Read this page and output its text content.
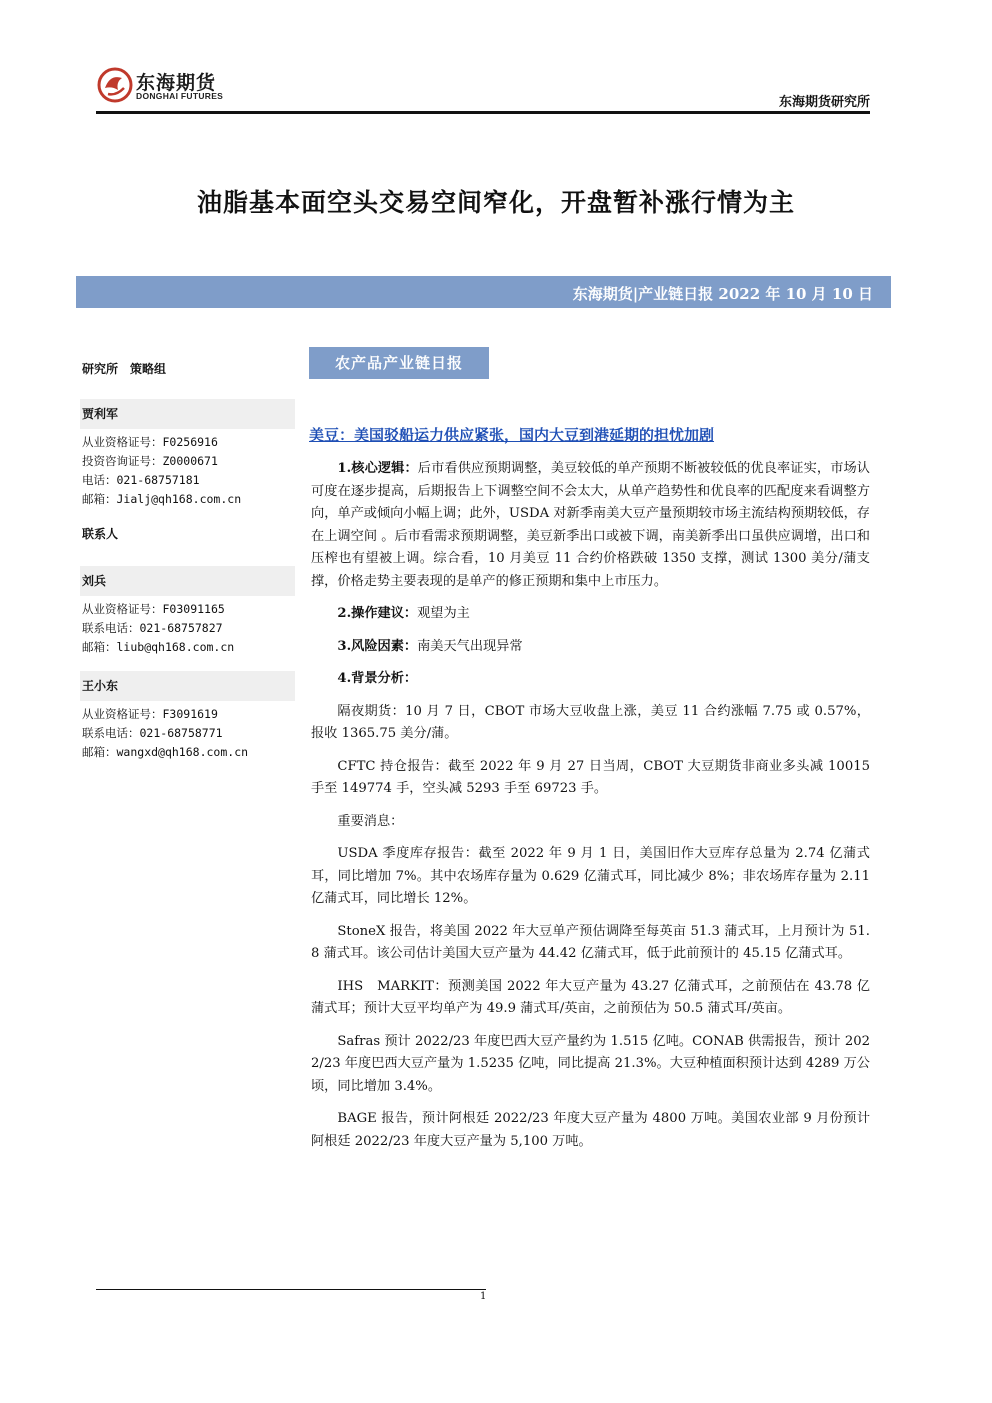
东海期货
DONGHAI FUTURES	东海期货研究所
油脂基本面空头交易空间窄化，开盘暂补涨行情为主
东海期货|产业链日报 2022 年 10 月 10 日
研究所　策略组
贾利军
从业资格证号：F0256916
投资咨询证号：Z0000671
电话：021-68757181
邮箱：Jialj@qh168.com.cn
联系人
刘兵
从业资格证号：F03091165
联系电话：021-68757827
邮箱：liub@qh168.com.cn
王小东
从业资格证号：F3091619
联系电话：021-68758771
邮箱：wangxd@qh168.com.cn
农产品产业链日报
美豆：美国驳船运力供应紧张，国内大豆到港延期的担忧加剧

1.核心逻辑：后市看供应预期调整，美豆较低的单产预期不断被较低的优良率证实，市场认可度在逐步提高，后期报告上下调整空间不会太大，从单产趋势性和优良率的匹配度来看调整方向，单产或倾向小幅上调；此外，USDA 对新季南美大豆产量预期较市场主流结构预期较低，存在上调空间 。后市看需求预期调整，美豆新季出口或被下调，南美新季出口虽供应调增，出口和压榨也有望被上调。综合看，10 月美豆 11 合约价格跌破 1350 支撑，测试 1300 美分/蒲支撑，价格走势主要表现的是单产的修正预期和集中上市压力。

2.操作建议：观望为主

3.风险因素：南美天气出现异常

4.背景分析：

隔夜期货：10 月 7 日，CBOT 市场大豆收盘上涨，美豆 11 合约涨幅 7.75 或 0.57%，报收 1365.75 美分/蒲。

CFTC 持仓报告：截至 2022 年 9 月 27 日当周，CBOT 大豆期货非商业多头减 10015 手至 149774 手，空头减 5293 手至 69723 手。

重要消息：

USDA 季度库存报告：截至 2022 年 9 月 1 日，美国旧作大豆库存总量为 2.74 亿蒲式耳，同比增加 7%。其中农场库存量为 0.629 亿蒲式耳，同比减少 8%；非农场库存量为 2.11 亿蒲式耳，同比增长 12%。

StoneX 报告，将美国 2022 年大豆单产预估调降至每英亩 51.3 蒲式耳，上月预计为 51.8 蒲式耳。该公司估计美国大豆产量为 44.42 亿蒲式耳，低于此前预计的 45.15 亿蒲式耳。

IHS　MARKIT：预测美国 2022 年大豆产量为 43.27 亿蒲式耳，之前预估在 43.78 亿蒲式耳；预计大豆平均单产为 49.9 蒲式耳/英亩，之前预估为 50.5 蒲式耳/英亩。

Safras 预计 2022/23 年度巴西大豆产量约为 1.515 亿吨。CONAB 供需报告，预计 2022/23 年度巴西大豆产量为 1.5235 亿吨，同比提高 21.3%。大豆种植面积预计达到 4289 万公顷，同比增加 3.4%。

BAGE 报告，预计阿根廷 2022/23 年度大豆产量为 4800 万吨。美国农业部 9 月份预计阿根廷 2022/23 年度大豆产量为 5,100 万吨。

1
